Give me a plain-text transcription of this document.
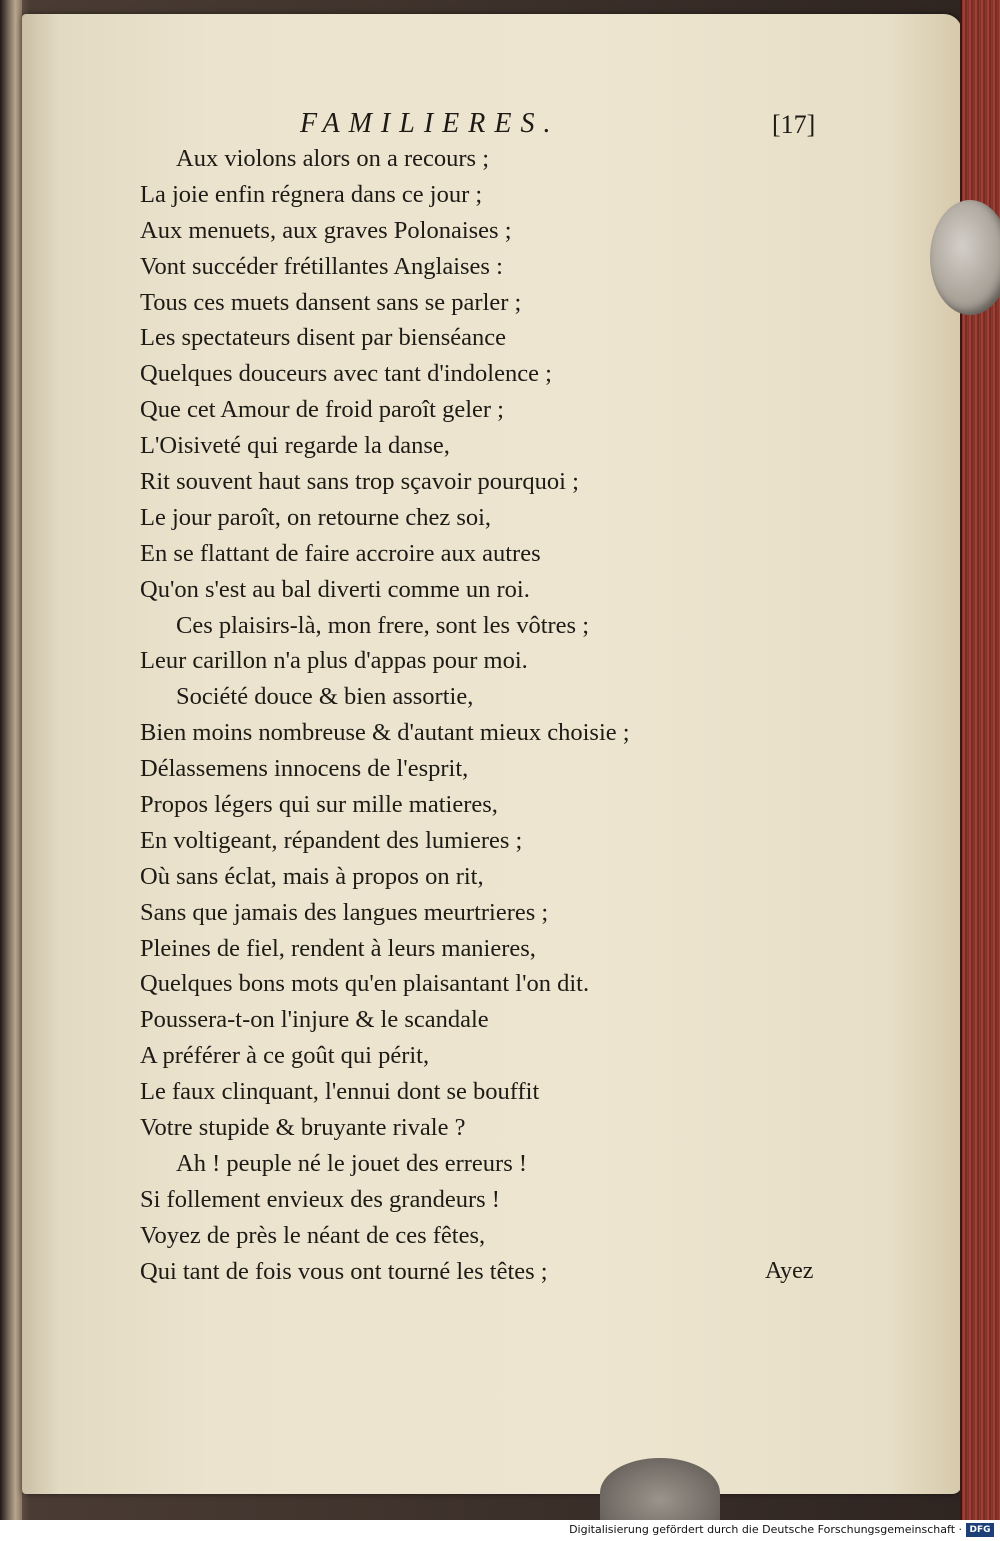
FAMILIERES.	[17]

Aux violons alors on a recours ;
La joie enfin régnera dans ce jour ;
Aux menuets, aux graves Polonaises ;
Vont succéder frétillantes Anglaises :
Tous ces muets dansent sans se parler ;
Les spectateurs disent par bienséance
Quelques douceurs avec tant d'indolence ;
Que cet Amour de froid paroît geler ;
L'Oisiveté qui regarde la danse,
Rit souvent haut sans trop sçavoir pourquoi ;
Le jour paroît, on retourne chez soi,
En se flattant de faire accroire aux autres
Qu'on s'est au bal diverti comme un roi.
Ces plaisirs-là, mon frere, sont les vôtres ;
Leur carillon n'a plus d'appas pour moi.
Société douce & bien assortie,
Bien moins nombreuse & d'autant mieux choisie ;
Délassemens innocens de l'esprit,
Propos légers qui sur mille matieres,
En voltigeant, répandent des lumieres ;
Où sans éclat, mais à propos on rit,
Sans que jamais des langues meurtrieres ;
Pleines de fiel, rendent à leurs manieres,
Quelques bons mots qu'en plaisantant l'on dit.
Poussera-t-on l'injure & le scandale
A préférer à ce goût qui périt,
Le faux clinquant, l'ennui dont se bouffit
Votre stupide & bruyante rivale ?
Ah ! peuple né le jouet des erreurs !
Si follement envieux des grandeurs !
Voyez de près le néant de ces fêtes,
Qui tant de fois vous ont tourné les têtes ;	Ayez
Digitalisierung gefördert durch die Deutsche Forschungsgemeinschaft · DFG
